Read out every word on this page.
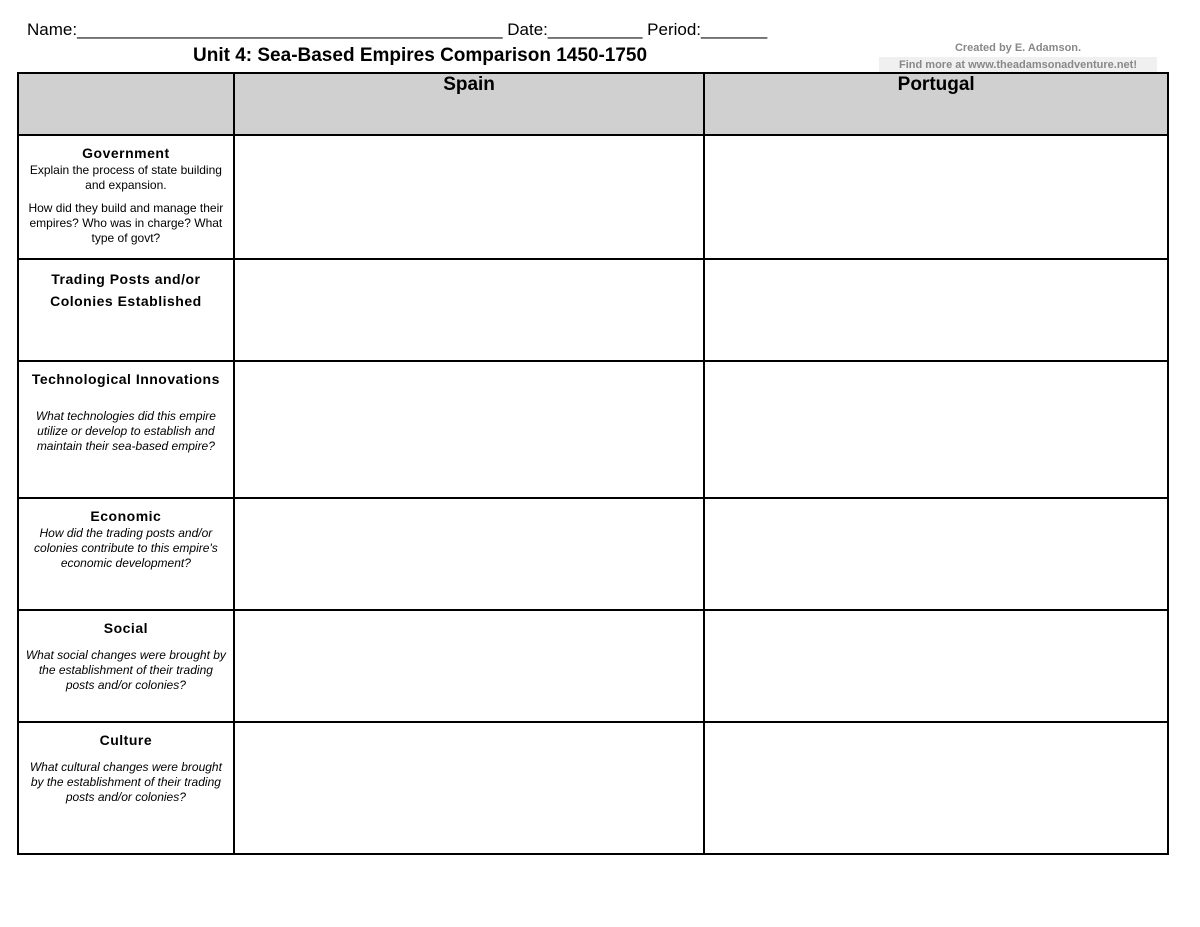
Name:_____________________________________________ Date:__________ Period:_______
Unit 4: Sea-Based Empires Comparison 1450-1750	Created by E. Adamson.
Find more at www.theadamsonadventure.net!
	Spain	Portugal

Government
Explain the process of state building and expansion.
How did they build and manage their empires? Who was in charge? What type of govt?		

Trading Posts and/or Colonies Established		

Technological Innovations
What technologies did this empire utilize or develop to establish and maintain their sea-based empire?		

Economic
How did the trading posts and/or colonies contribute to this empire's economic development?		

Social
What social changes were brought by the establishment of their trading posts and/or colonies?		

Culture
What cultural changes were brought by the establishment of their trading posts and/or colonies?		
